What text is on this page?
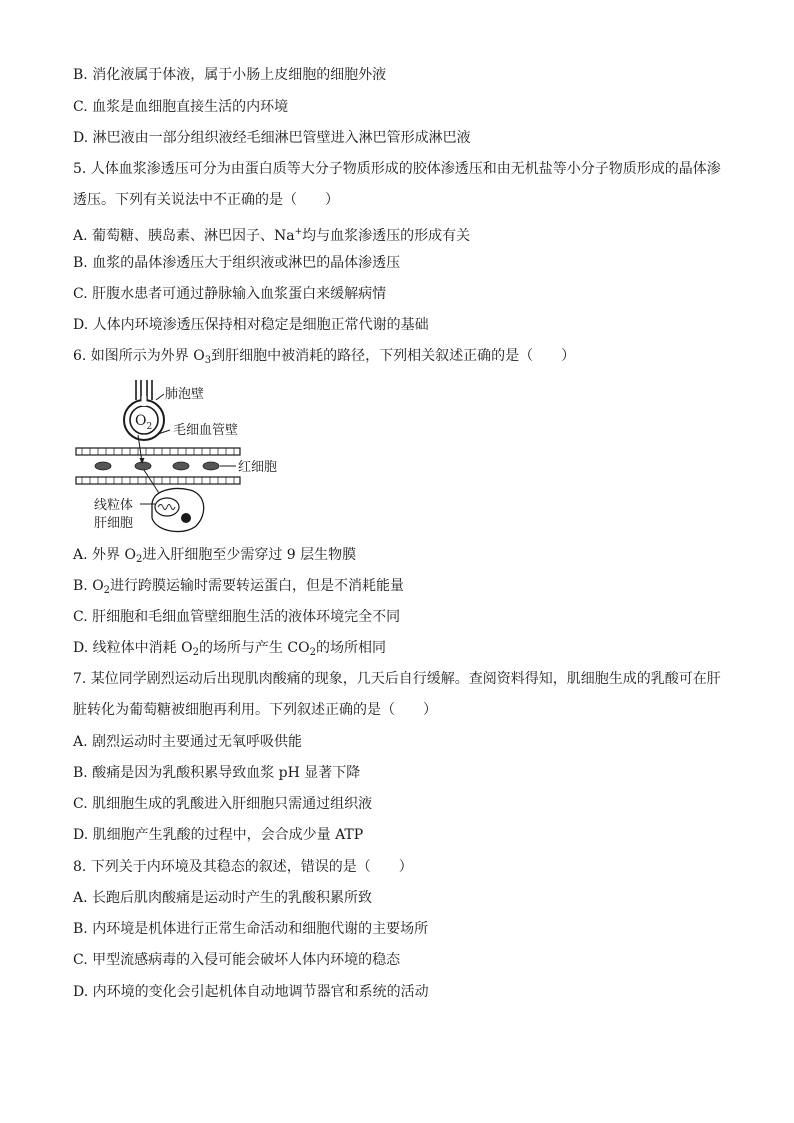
B. 消化液属于体液，属于小肠上皮细胞的细胞外液
C. 血浆是血细胞直接生活的内环境
D. 淋巴液由一部分组织液经毛细淋巴管壁进入淋巴管形成淋巴液
5. 人体血浆渗透压可分为由蛋白质等大分子物质形成的胶体渗透压和由无机盐等小分子物质形成的晶体渗
透压。下列有关说法中不正确的是（　　）
A. 葡萄糖、胰岛素、淋巴因子、Na+均与血浆渗透压的形成有关
B. 血浆的晶体渗透压大于组织液或淋巴的晶体渗透压
C. 肝腹水患者可通过静脉输入血浆蛋白来缓解病情
D. 人体内环境渗透压保持相对稳定是细胞正常代谢的基础
6. 如图所示为外界 $O_3$到肝细胞中被消耗的路径，下列相关叙述正确的是（　　）
$O_2$
肺泡壁
毛细血管壁
红细胞
线粒体
肝细胞
A. 外界 $O_2$进入肝细胞至少需穿过 9 层生物膜
B. $O_2$进行跨膜运输时需要转运蛋白，但是不消耗能量
C. 肝细胞和毛细血管壁细胞生活的液体环境完全不同
D. 线粒体中消耗 $O_2$的场所与产生 $CO_2$的场所相同
7. 某位同学剧烈运动后出现肌肉酸痛的现象，几天后自行缓解。查阅资料得知，肌细胞生成的乳酸可在肝
脏转化为葡萄糖被细胞再利用。下列叙述正确的是（　　）
A. 剧烈运动时主要通过无氧呼吸供能
B. 酸痛是因为乳酸积累导致血浆 pH 显著下降
C. 肌细胞生成的乳酸进入肝细胞只需通过组织液
D. 肌细胞产生乳酸的过程中，会合成少量 ATP
8. 下列关于内环境及其稳态的叙述，错误的是（　　）
A. 长跑后肌肉酸痛是运动时产生的乳酸积累所致
B. 内环境是机体进行正常生命活动和细胞代谢的主要场所
C. 甲型流感病毒的入侵可能会破坏人体内环境的稳态
D. 内环境的变化会引起机体自动地调节器官和系统的活动
